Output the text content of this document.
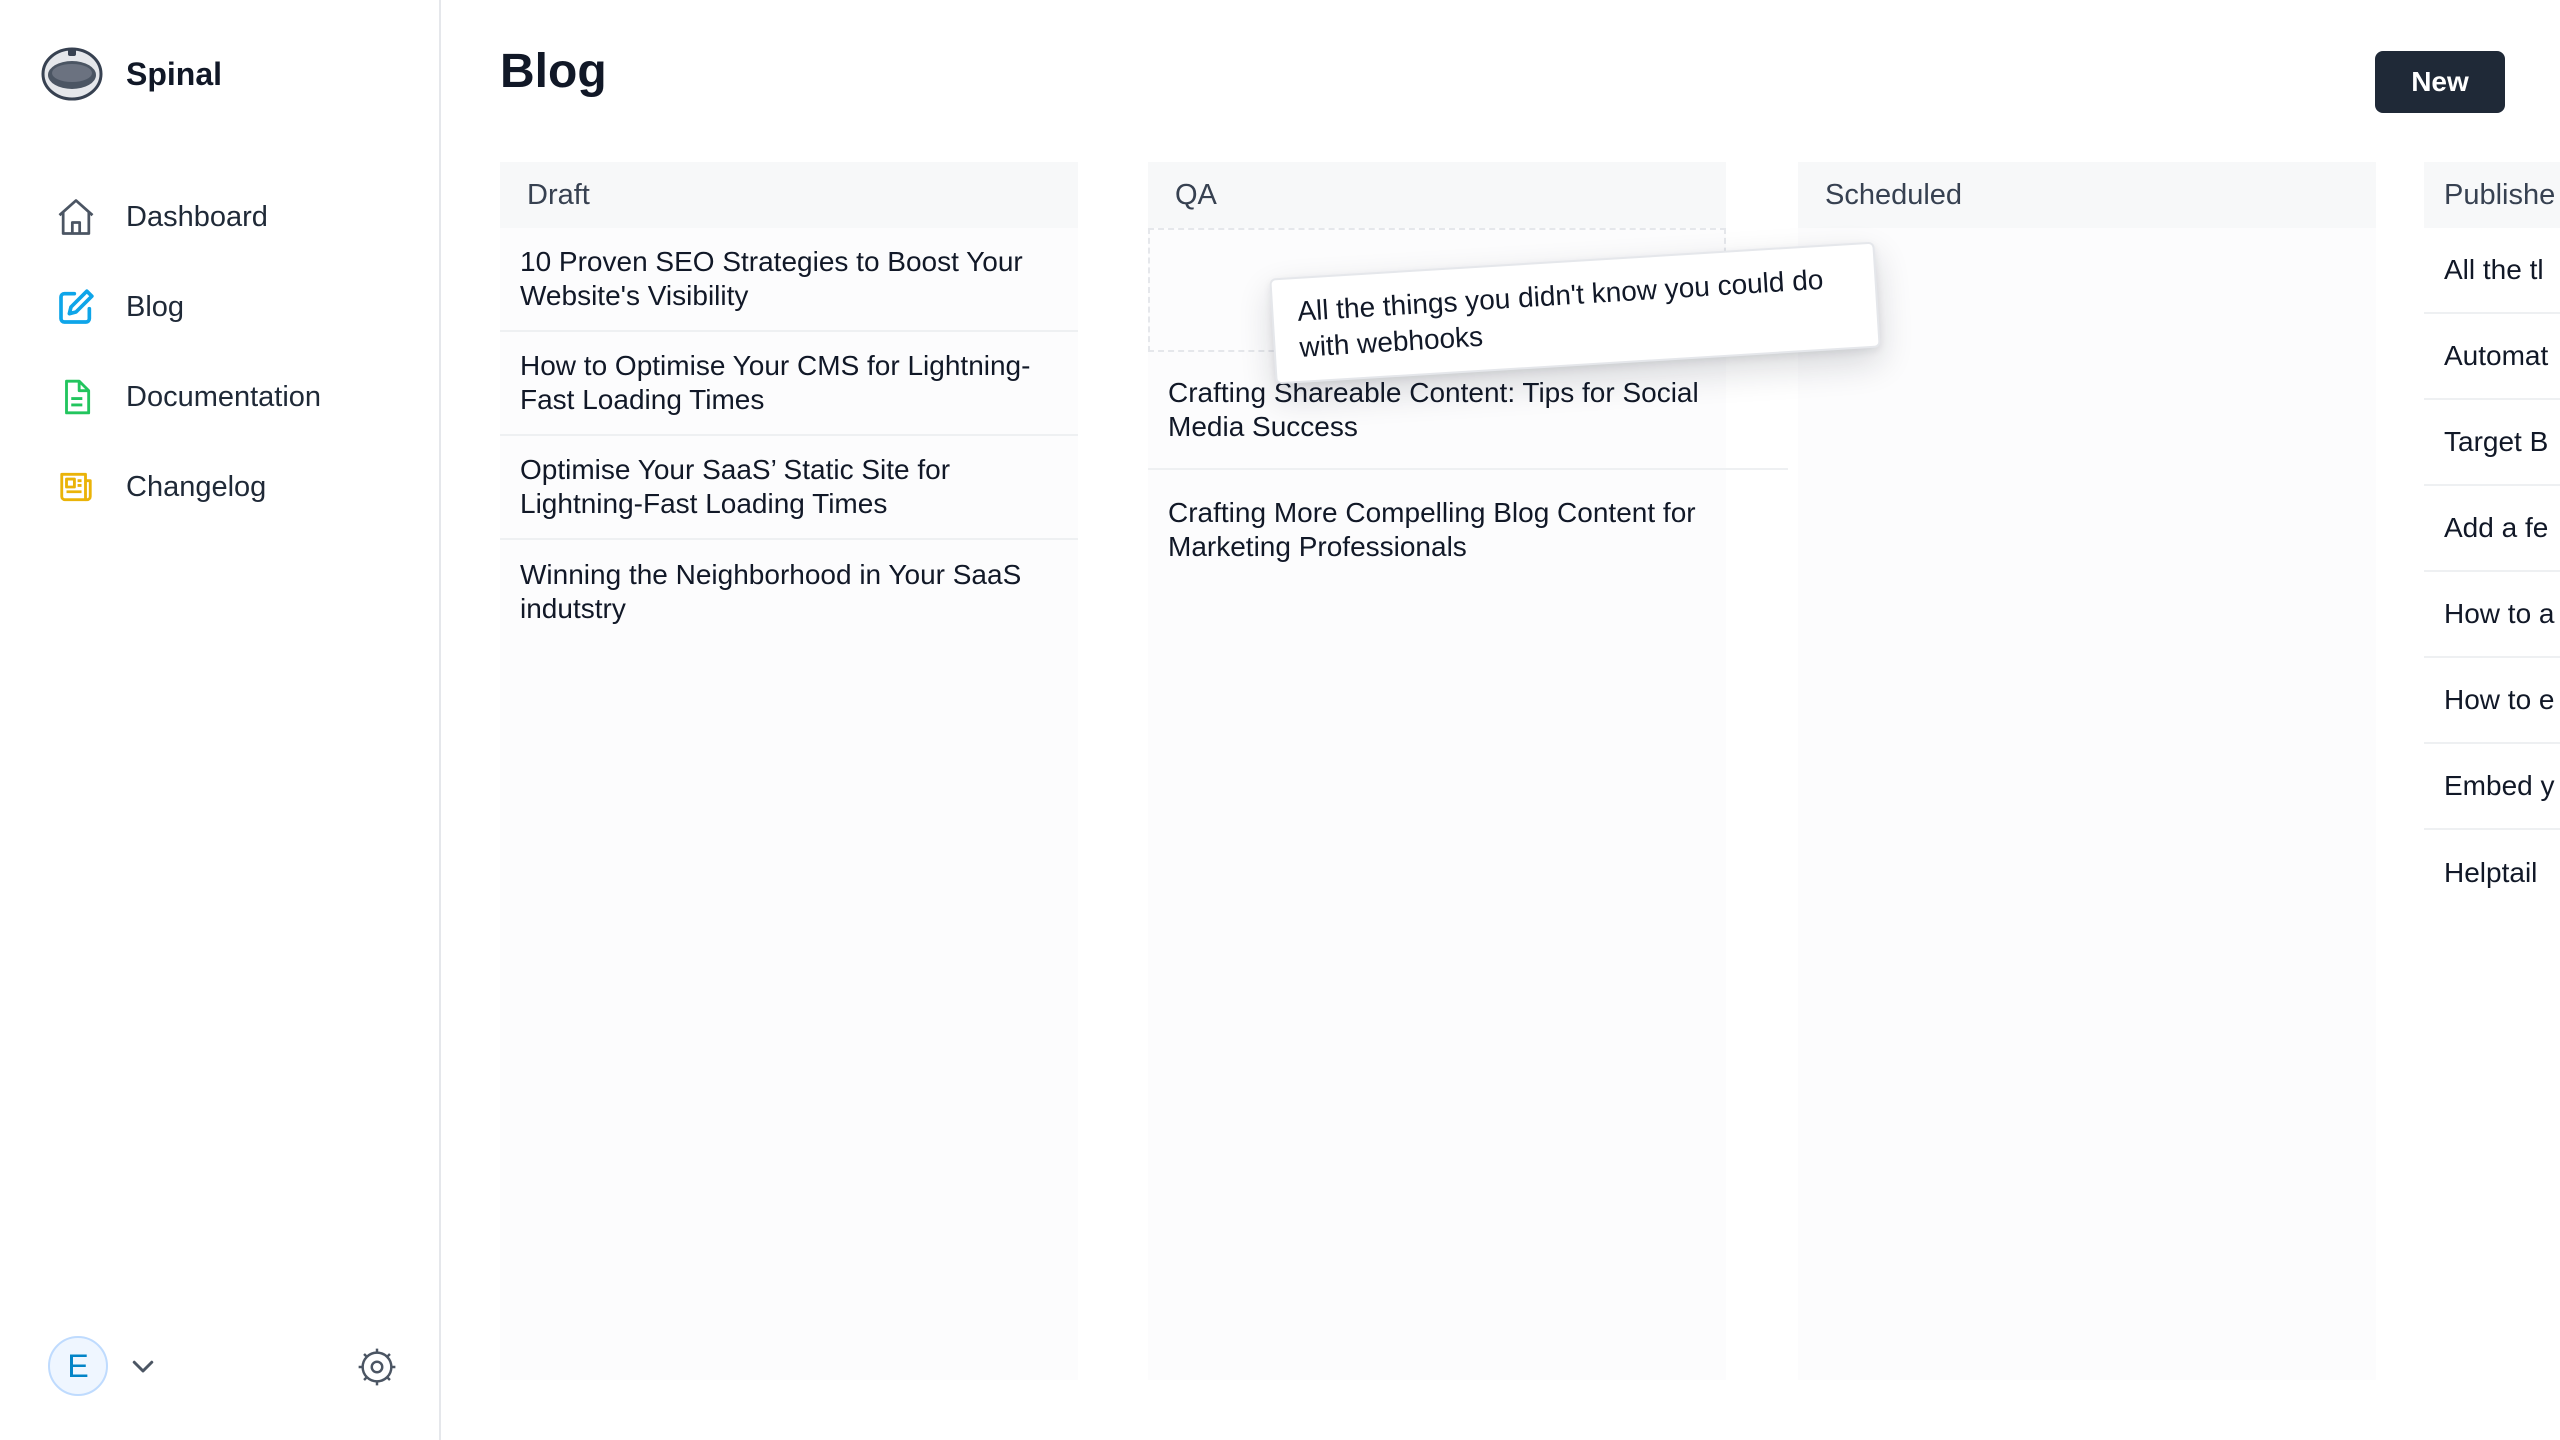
Spinal
Dashboard
Blog
Documentation
Changelog
E
Blog	New
Draft
10 Proven SEO Strategies to Boost Your Website's Visibility
How to Optimise Your CMS for Lightning-Fast Loading Times
Optimise Your SaaS’ Static Site for Lightning-Fast Loading Times
Winning the Neighborhood in Your SaaS indutstry
QA
Crafting Shareable Content: Tips for Social Media Success
Crafting More Compelling Blog Content for Marketing Professionals
Scheduled	Publishe
All the tl
Automat
Target B
Add a fe
How to a
How to e
Embed y
Helptail
All the things you didn't know you could do with webhooks
